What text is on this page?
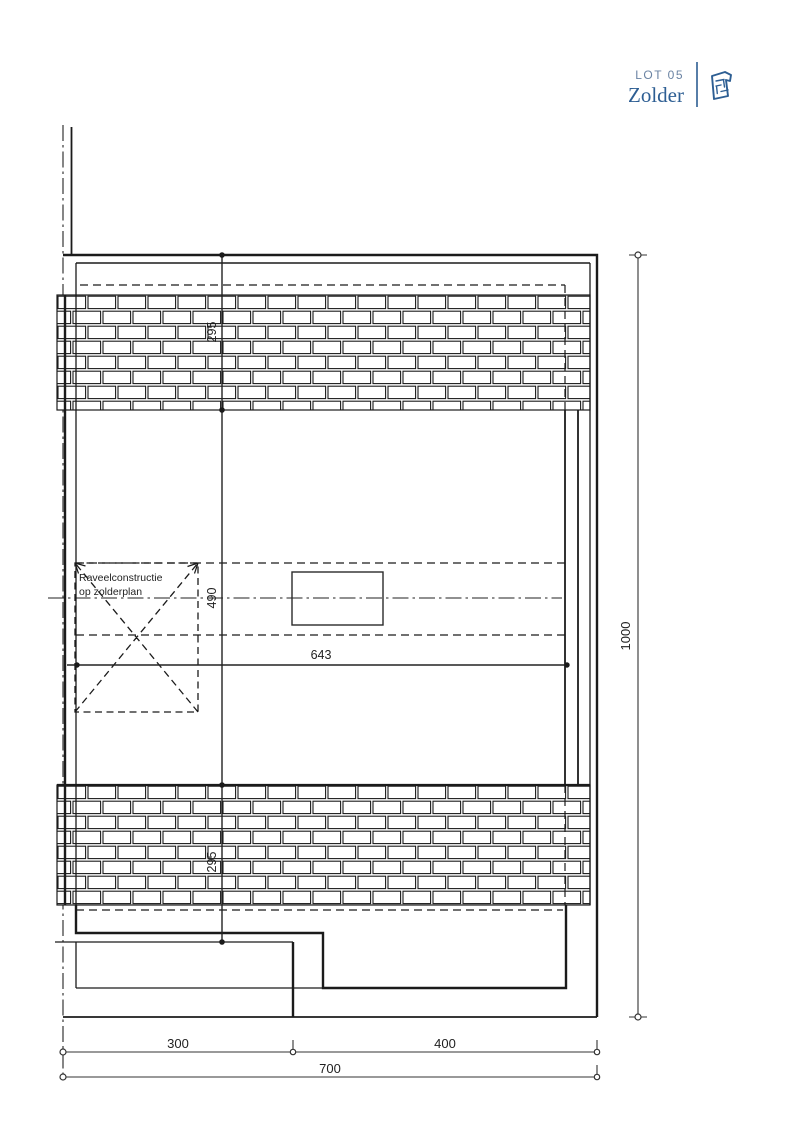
LOT 05
Zolder
Raveelconstructie
op zolderplan
295
490
295
1000
643
300	400
700
